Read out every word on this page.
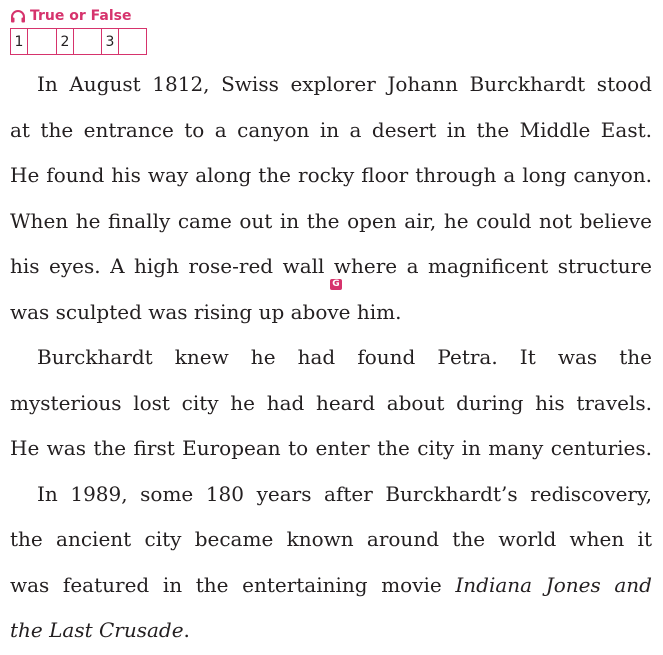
True or False
1	2	3
In August 1812, Swiss explorer Johann Burckhardt stood
at the entrance to a canyon in a desert in the Middle East.
He found his way along the rocky floor through a long canyon.
When he finally came out in the open air, he could not believe
his eyes. A high rose-red wall where a magnificent structure
was sculpted was rising up above him.
Burckhardt knew he had found Petra. It was the
mysterious lost city he had heard about during his travels.
He was the first European to enter the city in many centuries.
In 1989, some 180 years after Burckhardt’s rediscovery,
the ancient city became known around the world when it
was featured in the entertaining movie Indiana Jones and
the Last Crusade.
G
